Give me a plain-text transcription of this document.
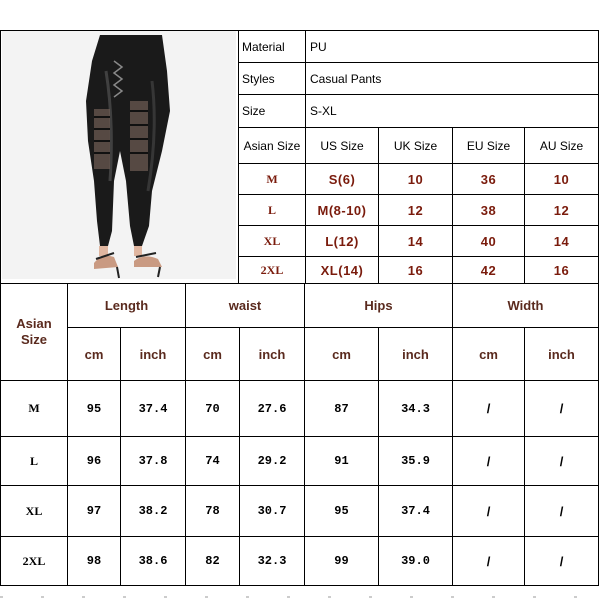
Material	PU
Styles	Casual Pants
Size	S-XL
Asian Size	US Size	UK Size	EU Size	AU Size
M	S(6)	10	36	10
L	M(8-10)	12	38	12
XL	L(12)	14	40	14
2XL	XL(14)	16	42	16
Asian Size
Length	waist	Hips	Width
cm	inch	cm	inch	cm	inch	cm	inch
M	95	37.4	70	27.6	87	34.3	/	/
L	96	37.8	74	29.2	91	35.9	/	/
XL	97	38.2	78	30.7	95	37.4	/	/
2XL	98	38.6	82	32.3	99	39.0	/	/
